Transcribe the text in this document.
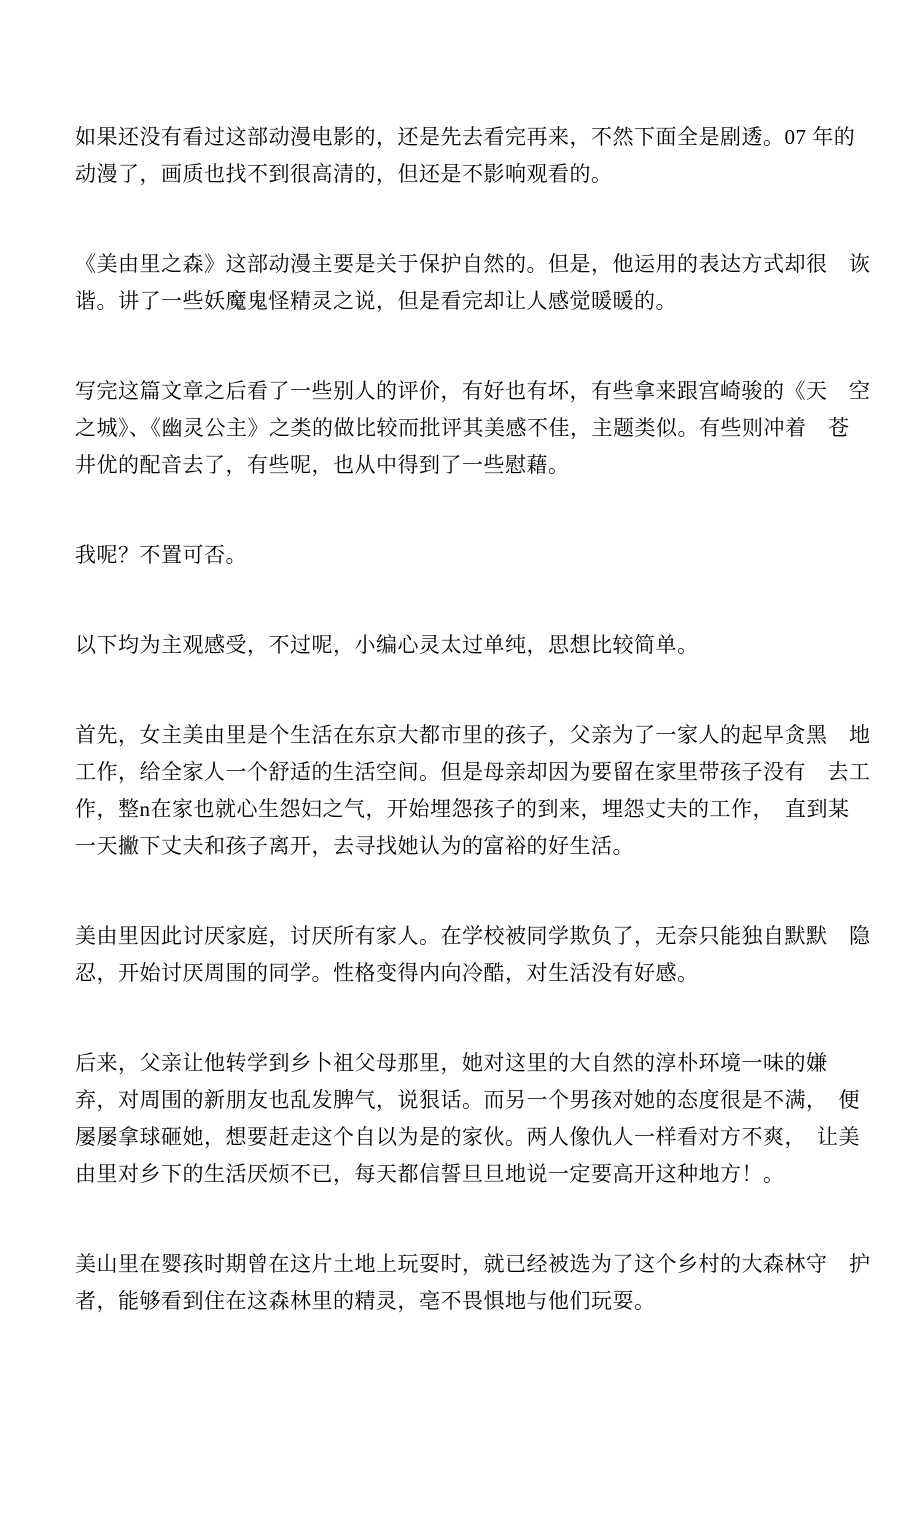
如果还没有看过这部动漫电影的，还是先去看完再来，不然下面全是剧透。07 年的
动漫了，画质也找不到很高清的，但还是不影响观看的。
《美由里之森》这部动漫主要是关于保护自然的。但是，他运用的表达方式却很　诙
谐。讲了一些妖魔鬼怪精灵之说，但是看完却让人感觉暖暖的。
写完这篇文章之后看了一些别人的评价，有好也有坏，有些拿来跟宫崎骏的《天　空
之城》、《幽灵公主》之类的做比较而批评其美感不佳，主题类似。有些则冲着　苍
井优的配音去了，有些呢，也从中得到了一些慰藉。
我呢？不置可否。
以下均为主观感受，不过呢，小编心灵太过单纯，思想比较简单。
首先，女主美由里是个生活在东京大都市里的孩子，父亲为了一家人的起早贪黑　地
工作，给全家人一个舒适的生活空间。但是母亲却因为要留在家里带孩子没有　去工
作，整n在家也就心生怨妇之气，开始埋怨孩子的到来，埋怨丈夫的工作，　直到某
一天撇下丈夫和孩子离开，去寻找她认为的富裕的好生活。
美由里因此讨厌家庭，讨厌所有家人。在学校被同学欺负了，无奈只能独自默默　隐
忍，开始讨厌周围的同学。性格变得内向冷酷，对生活没有好感。
后来，父亲让他转学到乡卜祖父母那里，她对这里的大自然的淳朴环境一味的嫌
弃，对周围的新朋友也乱发脾气，说狠话。而另一个男孩对她的态度很是不满，　便
屡屡拿球砸她，想要赶走这个自以为是的家伙。两人像仇人一样看对方不爽，　让美
由里对乡下的生活厌烦不已，每天都信誓旦旦地说一定要高开这种地方！。
美山里在婴孩时期曾在这片土地上玩耍时，就已经被选为了这个乡村的大森林守　护
者，能够看到住在这森林里的精灵，亳不畏惧地与他们玩耍。
